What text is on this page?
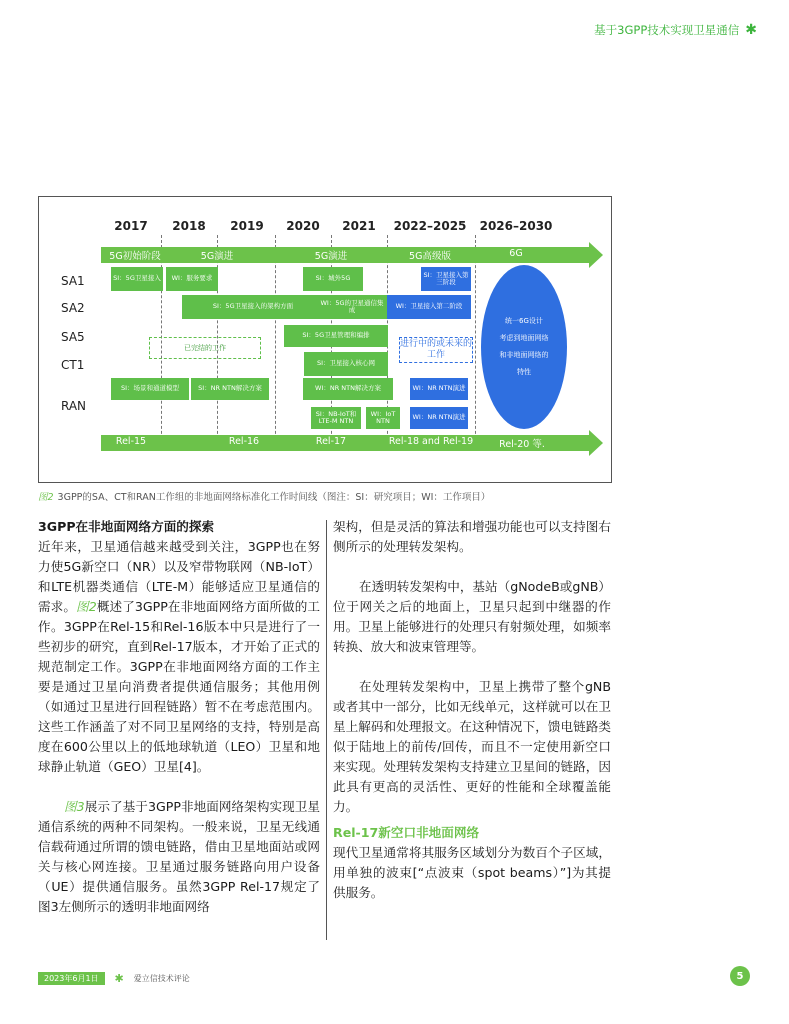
基于3GPP技术实现卫星通信 ✱
2017 2018 2019 2020 2021 2022–2025 2026–2030
5G初始阶段	5G演进	5G演进	5G高级版	6G
SA1
SA2
SA5
CT1
RAN
SI：5G卫星接入	WI：服务要求	SI：城外5G	SI：卫星接入第三阶段
SI：5G卫星接入的架构方面	WI：5G的卫星通信集成	WI：卫星接入第二阶段
SI：5G卫星管理和编排
已完结的工作
SI：卫星接入核心网
进行中的或未来的工作
SI：场景和通道模型	SI：NR NTN解决方案	WI：NR NTN解决方案	WI：NR NTN演进
SI：NB-IoT和LTE-M NTN
WI：IoT NTN	WI：NR NTN演进
统一6G设计
考虑到地面网络
和非地面网络的
特性
Rel-15	Rel-16	Rel-17	Rel-18 and Rel-19	Rel-20 等.
图2 3GPP的SA、CT和RAN工作组的非地面网络标准化工作时间线（图注：SI：研究项目；WI：工作项目）

3GPP在非地面网络方面的探索

近年来，卫星通信越来越受到关注，3GPP也在努力使5G新空口（NR）以及窄带物联网（NB-IoT）和LTE机器类通信（LTE-M）能够适应卫星通信的需求。图2概述了3GPP在非地面网络方面所做的工作。3GPP在Rel-15和Rel-16版本中只是进行了一些初步的研究，直到Rel-17版本，才开始了正式的规范制定工作。3GPP在非地面网络方面的工作主要是通过卫星向消费者提供通信服务；其他用例（如通过卫星进行回程链路）暂不在考虑范围内。这些工作涵盖了对不同卫星网络的支持，特别是高度在600公里以上的低地球轨道（LEO）卫星和地球静止轨道（GEO）卫星[4]。

图3展示了基于3GPP非地面网络架构实现卫星通信系统的两种不同架构。一般来说，卫星无线通信载荷通过所谓的馈电链路，借由卫星地面站或网关与核心网连接。卫星通过服务链路向用户设备（UE）提供通信服务。虽然3GPP Rel-17规定了图3左侧所示的透明非地面网络

架构，但是灵活的算法和增强功能也可以支持图右侧所示的处理转发架构。

在透明转发架构中，基站（gNodeB或gNB）位于网关之后的地面上，卫星只起到中继器的作用。卫星上能够进行的处理只有射频处理，如频率转换、放大和波束管理等。

在处理转发架构中，卫星上携带了整个gNB或者其中一部分，比如无线单元，这样就可以在卫星上解码和处理报文。在这种情况下，馈电链路类似于陆地上的前传/回传，而且不一定使用新空口来实现。处理转发架构支持建立卫星间的链路，因此具有更高的灵活性、更好的性能和全球覆盖能力。

Rel-17新空口非地面网络

现代卫星通常将其服务区域划分为数百个子区域，用单独的波束[“点波束（spot beams）”]为其提供服务。

2023年6月1日	✱ 爱立信技术评论	5
